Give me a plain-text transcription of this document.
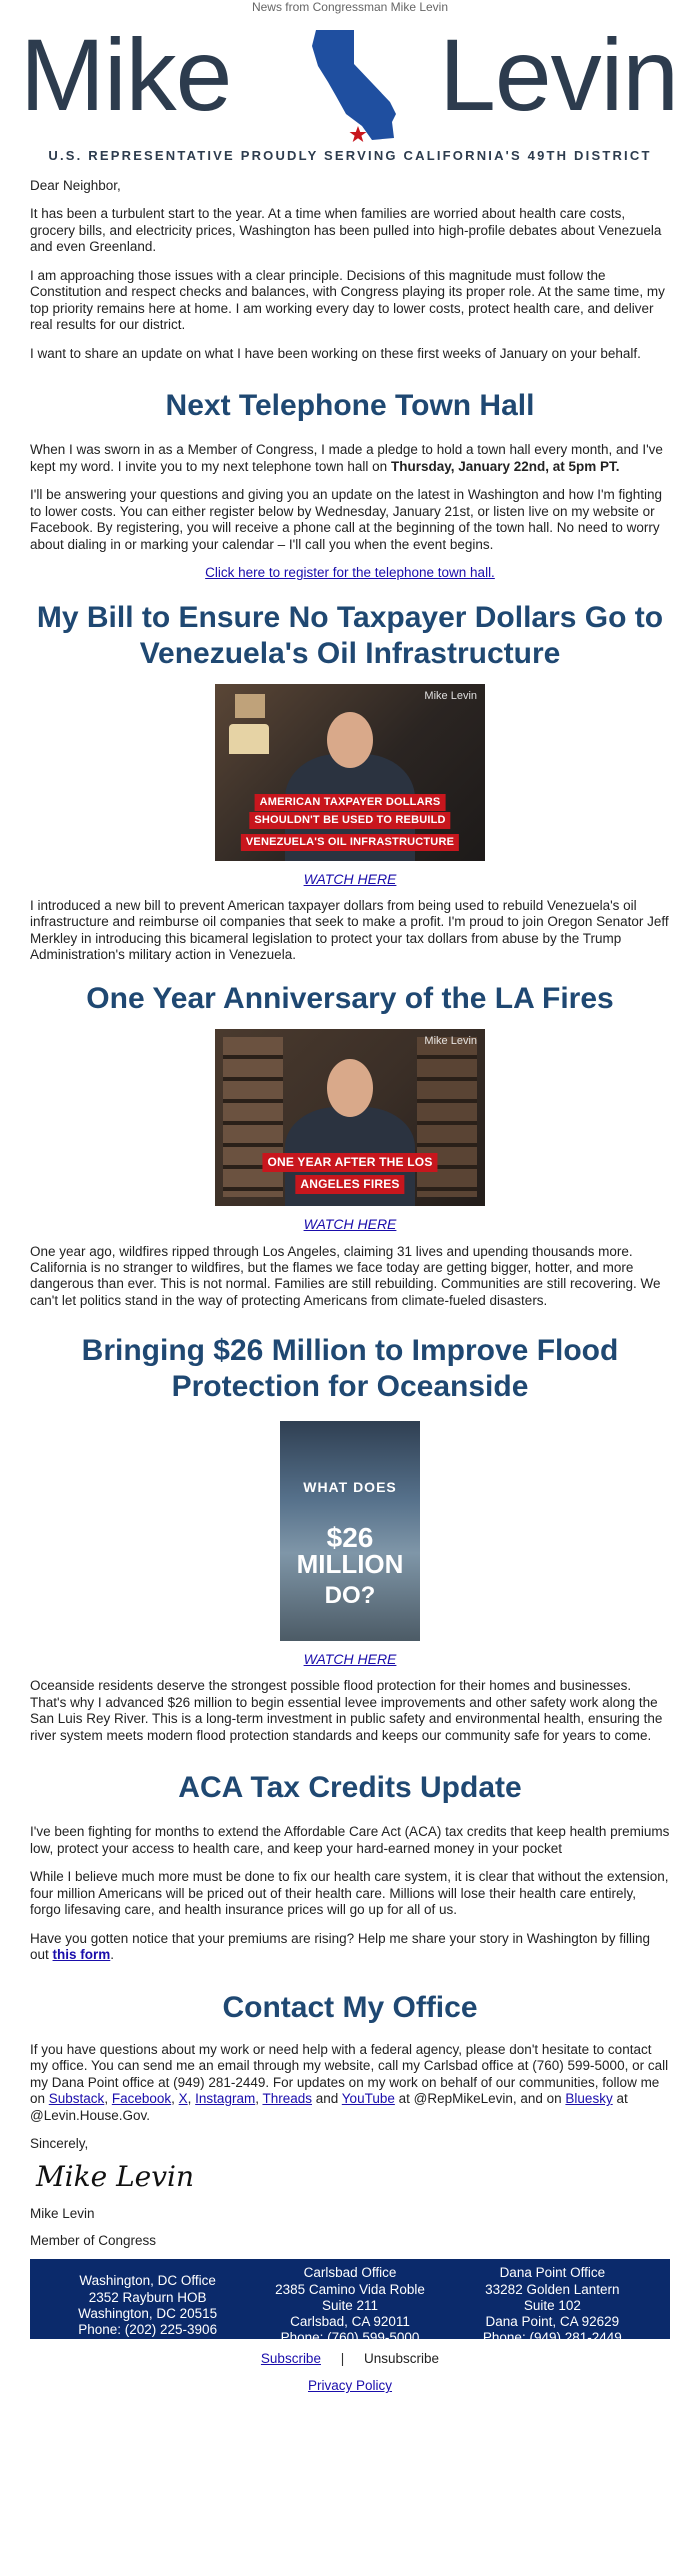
News from Congressman Mike Levin
Mike Levin
U.S. REPRESENTATIVE PROUDLY SERVING CALIFORNIA'S 49TH DISTRICT

Dear Neighbor,

It has been a turbulent start to the year. At a time when families are worried about health care costs, grocery bills, and electricity prices, Washington has been pulled into high-profile debates about Venezuela and even Greenland.

I am approaching those issues with a clear principle. Decisions of this magnitude must follow the Constitution and respect checks and balances, with Congress playing its proper role. At the same time, my top priority remains here at home. I am working every day to lower costs, protect health care, and deliver real results for our district.

I want to share an update on what I have been working on these first weeks of January on your behalf.

Next Telephone Town Hall

When I was sworn in as a Member of Congress, I made a pledge to hold a town hall every month, and I've kept my word. I invite you to my next telephone town hall on Thursday, January 22nd, at 5pm PT.

I'll be answering your questions and giving you an update on the latest in Washington and how I'm fighting to lower costs. You can either register below by Wednesday, January 21st, or listen live on my website or Facebook. By registering, you will receive a phone call at the beginning of the town hall. No need to worry about dialing in or marking your calendar – I'll call you when the event begins.

Click here to register for the telephone town hall.

My Bill to Ensure No Taxpayer Dollars Go to Venezuela's Oil Infrastructure
Mike Levin
AMERICAN TAXPAYER DOLLARS
SHOULDN'T BE USED TO REBUILD
VENEZUELA'S OIL INFRASTRUCTURE
WATCH HERE

I introduced a new bill to prevent American taxpayer dollars from being used to rebuild Venezuela's oil infrastructure and reimburse oil companies that seek to make a profit. I'm proud to join Oregon Senator Jeff Merkley in introducing this bicameral legislation to protect your tax dollars from abuse by the Trump Administration's military action in Venezuela.

One Year Anniversary of the LA Fires
Mike Levin
ONE YEAR AFTER THE LOS
ANGELES FIRES
WATCH HERE

One year ago, wildfires ripped through Los Angeles, claiming 31 lives and upending thousands more. California is no stranger to wildfires, but the flames we face today are getting bigger, hotter, and more dangerous than ever. This is not normal. Families are still rebuilding. Communities are still recovering. We can't let politics stand in the way of protecting Americans from climate-fueled disasters.

Bringing $26 Million to Improve Flood Protection for Oceanside
WHAT DOES
$26
MILLION
DO?
WATCH HERE

Oceanside residents deserve the strongest possible flood protection for their homes and businesses. That's why I advanced $26 million to begin essential levee improvements and other safety work along the San Luis Rey River. This is a long-term investment in public safety and environmental health, ensuring the river system meets modern flood protection standards and keeps our community safe for years to come.

ACA Tax Credits Update

I've been fighting for months to extend the Affordable Care Act (ACA) tax credits that keep health premiums low, protect your access to health care, and keep your hard-earned money in your pocket

While I believe much more must be done to fix our health care system, it is clear that without the extension, four million Americans will be priced out of their health care. Millions will lose their health care entirely, forgo lifesaving care, and health insurance prices will go up for all of us.

Have you gotten notice that your premiums are rising? Help me share your story in Washington by filling out this form.

Contact My Office

If you have questions about my work or need help with a federal agency, please don't hesitate to contact my office. You can send me an email through my website, call my Carlsbad office at (760) 599-5000, or call my Dana Point office at (949) 281-2449. For updates on my work on behalf of our communities, follow me on Substack, Facebook, X, Instagram, Threads and YouTube at @RepMikeLevin, and on Bluesky at @Levin.House.Gov.

Sincerely,

Mike Levin

Mike Levin

Member of Congress

Washington, DC Office
2352 Rayburn HOB
Washington, DC 20515
Phone: (202) 225-3906
Carlsbad Office
2385 Camino Vida Roble
Suite 211
Carlsbad, CA 92011
Phone: (760) 599-5000
Dana Point Office
33282 Golden Lantern
Suite 102
Dana Point, CA 92629
Phone: (949) 281-2449
Subscribe | Unsubscribe
Privacy Policy
